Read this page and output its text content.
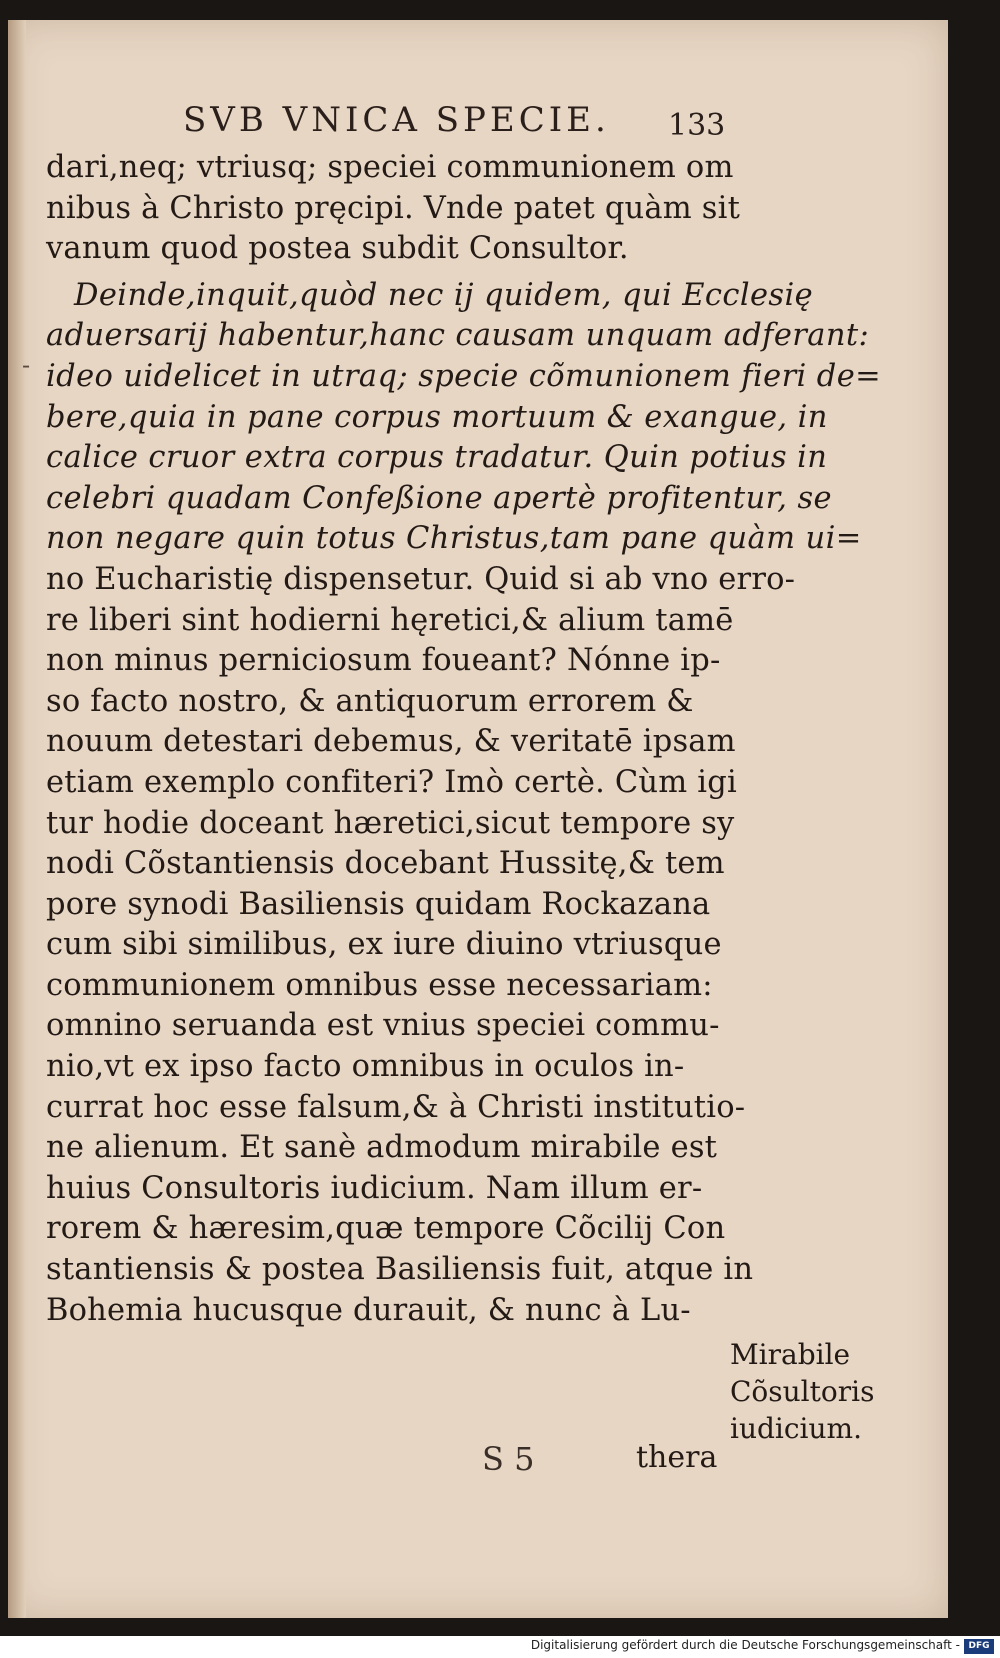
SVB VNICA SPECIE. 133
-
dari,neq; vtriusq; speciei communionem om
nibus à Christo pręcipi. Vnde patet quàm sit
vanum quod postea subdit Consultor.
Deinde,inquit,quòd nec ij quidem, qui Ecclesię
aduersarij habentur,hanc causam unquam adferant:
ideo uidelicet in utraq; specie cõmunionem fieri de=
bere,quia in pane corpus mortuum & exangue, in
calice cruor extra corpus tradatur. Quin potius in
celebri quadam Confeßione apertè profitentur, se
non negare quin totus Christus,tam pane quàm ui=
no Eucharistię dispensetur. Quid si ab vno erro-
re liberi sint hodierni hęretici,& alium tamē
non minus perniciosum foueant? Nónne ip-
so facto nostro, & antiquorum errorem &
nouum detestari debemus, & veritatē ipsam
etiam exemplo confiteri? Imò certè. Cùm igi
tur hodie doceant hæretici,sicut tempore sy
nodi Cõstantiensis docebant Hussitę,& tem
pore synodi Basiliensis quidam Rockazana
cum sibi similibus, ex iure diuino vtriusque
communionem omnibus esse necessariam:
omnino seruanda est vnius speciei commu-
nio,vt ex ipso facto omnibus in oculos in-
currat hoc esse falsum,& à Christi institutio-
ne alienum. Et sanè admodum mirabile est
huius Consultoris iudicium. Nam illum er-
rorem & hæresim,quæ tempore Cõcilij Con
stantiensis & postea Basiliensis fuit, atque in
Bohemia hucusque durauit, & nunc à Lu-
Mirabile
Cõsultoris
iudicium.
S 5	thera
Digitalisierung gefördert durch die Deutsche Forschungsgemeinschaft - DFG
